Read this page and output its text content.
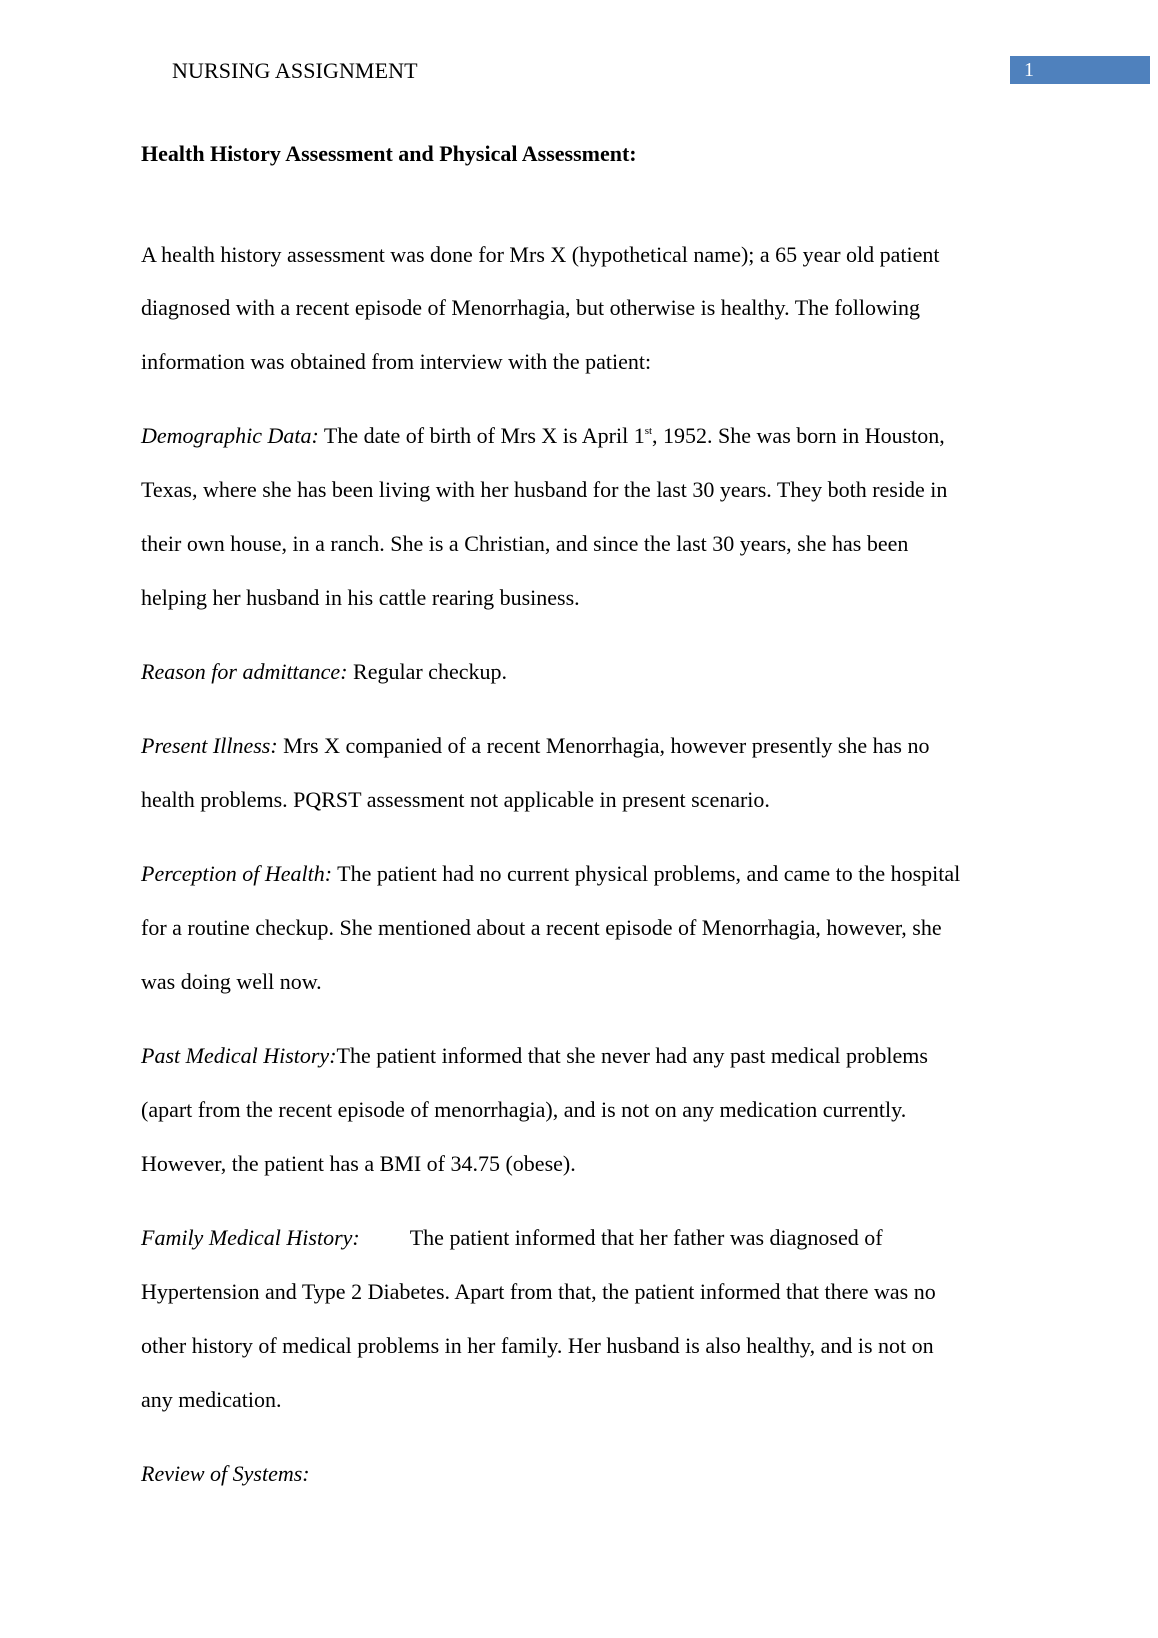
NURSING ASSIGNMENT	1
Health History Assessment and Physical Assessment:
A health history assessment was done for Mrs X (hypothetical name); a 65 year old patient
diagnosed with a recent episode of Menorrhagia, but otherwise is healthy. The following
information was obtained from interview with the patient:
Demographic Data: The date of birth of Mrs X is April 1st, 1952. She was born in Houston,
Texas, where she has been living with her husband for the last 30 years. They both reside in
their own house, in a ranch. She is a Christian, and since the last 30 years, she has been
helping her husband in his cattle rearing business.
Reason for admittance: Regular checkup.
Present Illness: Mrs X companied of a recent Menorrhagia, however presently she has no
health problems. PQRST assessment not applicable in present scenario.
Perception of Health: The patient had no current physical problems, and came to the hospital
for a routine checkup. She mentioned about a recent episode of Menorrhagia, however, she
was doing well now.
Past Medical History:The patient informed that she never had any past medical problems
(apart from the recent episode of menorrhagia), and is not on any medication currently.
However, the patient has a BMI of 34.75 (obese).
Family Medical History: The patient informed that her father was diagnosed of
Hypertension and Type 2 Diabetes. Apart from that, the patient informed that there was no
other history of medical problems in her family. Her husband is also healthy, and is not on
any medication.
Review of Systems:
